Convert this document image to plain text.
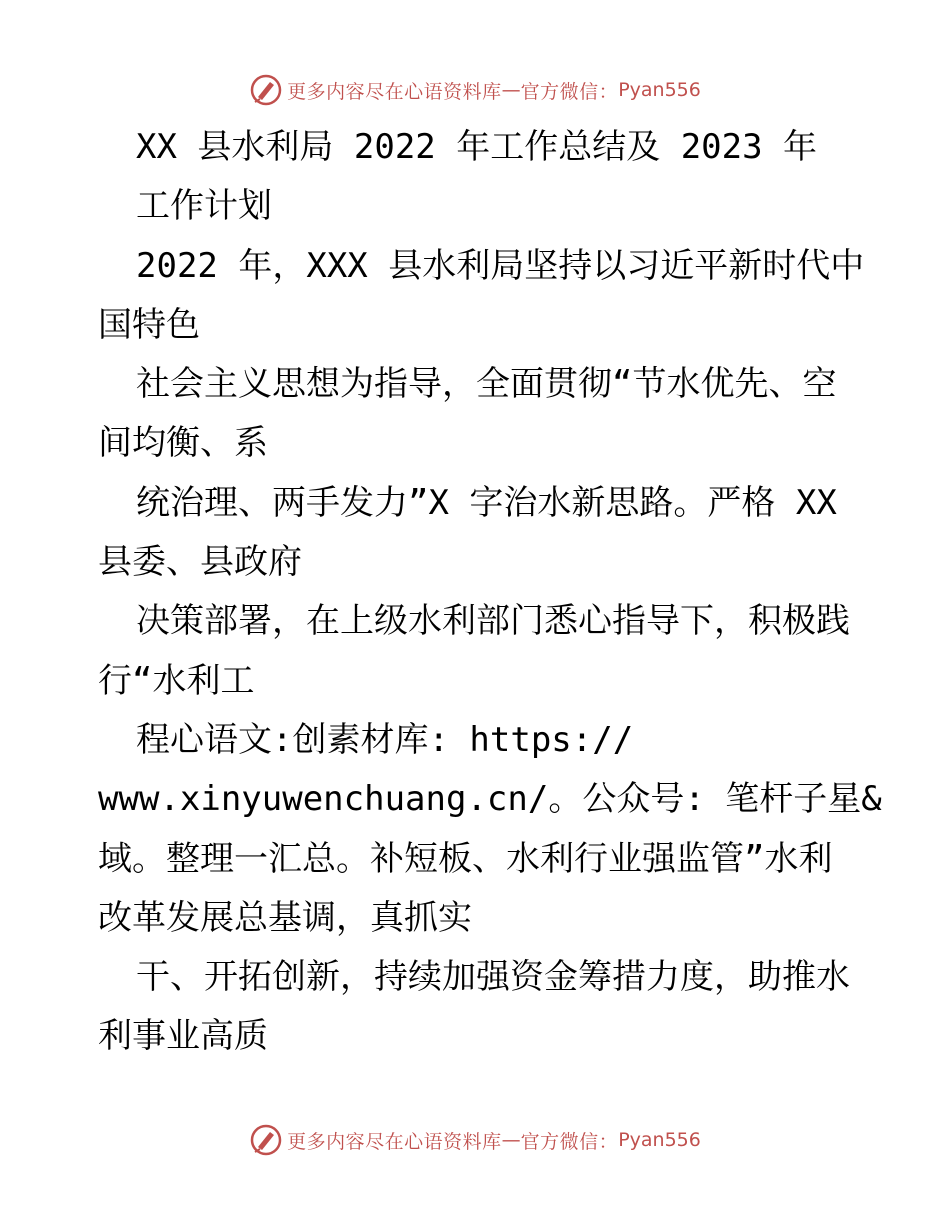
更多内容尽在心语资料库 — 官方微信： Pyan556
XX 县水利局 2022 年工作总结及 2023 年
工作计划
2022 年，XXX 县水利局坚持以习近平新时代中
国特色
社会主义思想为指导，全面贯彻“节水优先、空
间均衡、系
统治理、两手发力”X 字治水新思路。严格 XX
县委、县政府
决策部署，在上级水利部门悉心指导下，积极践
行“水利工
程心语文:创素材库: https://
www.xinyuwenchuang.cn/。公众号: 笔杆子星&
域。整理一汇总。补短板、水利行业强监管”水利
改革发展总基调，真抓实
干、开拓创新，持续加强资金筹措力度，助推水
利事业高质
更多内容尽在心语资料库 — 官方微信： Pyan556
